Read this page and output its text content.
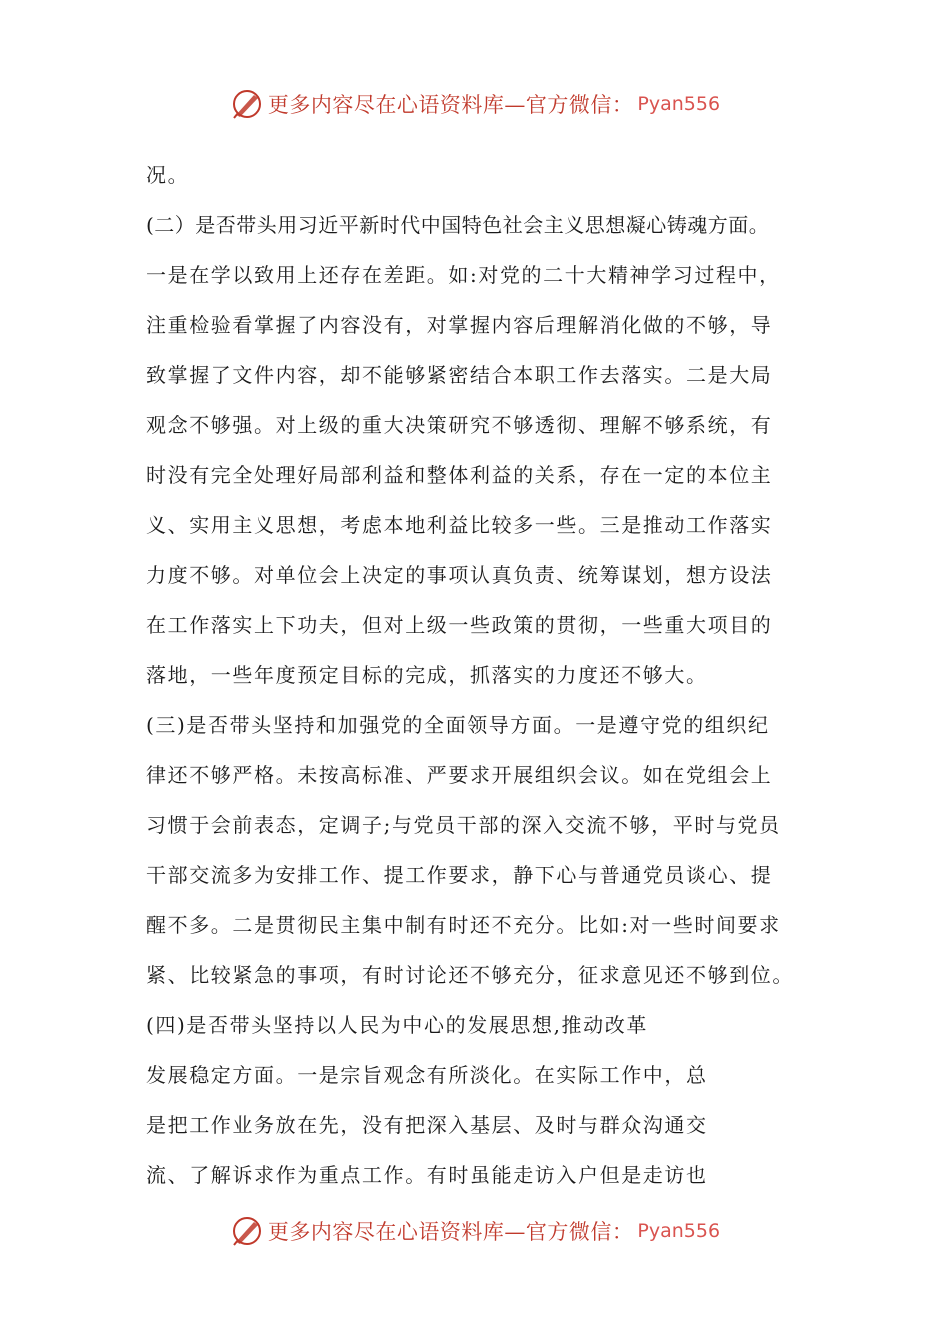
更多内容尽在心语资料库—官方微信： Pyan556
况。
(二）是否带头用习近平新时代中国特色社会主义思想凝心铸魂方面。
一是在学以致用上还存在差距。如:对党的二十大精神学习过程中，
注重检验看掌握了内容没有，对掌握内容后理解消化做的不够，导
致掌握了文件内容，却不能够紧密结合本职工作去落实。二是大局
观念不够强。对上级的重大决策研究不够透彻、理解不够系统，有
时没有完全处理好局部利益和整体利益的关系，存在一定的本位主
义、实用主义思想，考虑本地利益比较多一些。三是推动工作落实
力度不够。对单位会上决定的事项认真负责、统筹谋划，想方设法
在工作落实上下功夫，但对上级一些政策的贯彻，一些重大项目的
落地，一些年度预定目标的完成，抓落实的力度还不够大。
(三)是否带头坚持和加强党的全面领导方面。一是遵守党的组织纪
律还不够严格。未按高标准、严要求开展组织会议。如在党组会上
习惯于会前表态，定调子;与党员干部的深入交流不够，平时与党员
干部交流多为安排工作、提工作要求，静下心与普通党员谈心、提
醒不多。二是贯彻民主集中制有时还不充分。比如:对一些时间要求
紧、比较紧急的事项，有时讨论还不够充分，征求意见还不够到位。
(四)是否带头坚持以人民为中心的发展思想,推动改革
发展稳定方面。一是宗旨观念有所淡化。在实际工作中，总
是把工作业务放在先，没有把深入基层、及时与群众沟通交
流、了解诉求作为重点工作。有时虽能走访入户但是走访也
更多内容尽在心语资料库—官方微信： Pyan556
